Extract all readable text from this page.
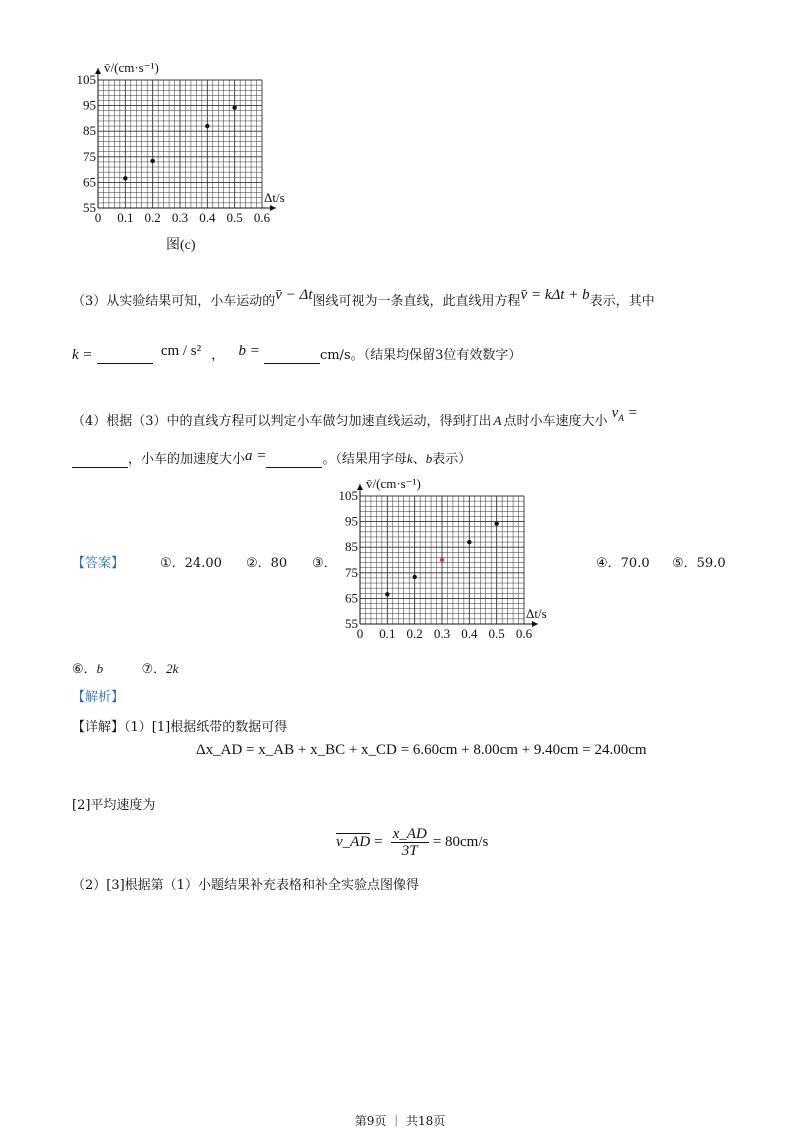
0 0.1 0.2 0.3 0.4 0.5 0.6
55
65
75
85
95
105
v̄/(cm·s⁻¹)
Δt/s
图(c)
（3）从实验结果可知，小车运动的v̄ − Δt图线可视为一条直线，此直线用方程v̄ = kΔt + b表示，其中
k =	cm / s² ， b =	cm/s。（结果均保留3位有效数字）
（4）根据（3）中的直线方程可以判定小车做匀加速直线运动，得到打出 A 点时小车速度大小 $v_A$ =
，小车的加速度大小a =	。（结果用字母k、b表示）
【答案】	①．24.00 ②．80 ③．
0 0.1 0.2 0.3 0.4 0.5 0.6
55
65
75
85
95
105
v̄/(cm·s⁻¹)
Δt/s
④．70.0 ⑤．59.0
⑥．b	⑦．2k
【解析】
【详解】（1）[1]根据纸带的数据可得
Δx_AD = x_AB + x_BC + x_CD = 6.60cm + 8.00cm + 9.40cm = 24.00cm
[2]平均速度为
v_AD = $\frac{x\_AD}{3T} = 80cm/s$
（2）[3]根据第（1）小题结果补充表格和补全实验点图像得
第9页 ｜ 共18页
